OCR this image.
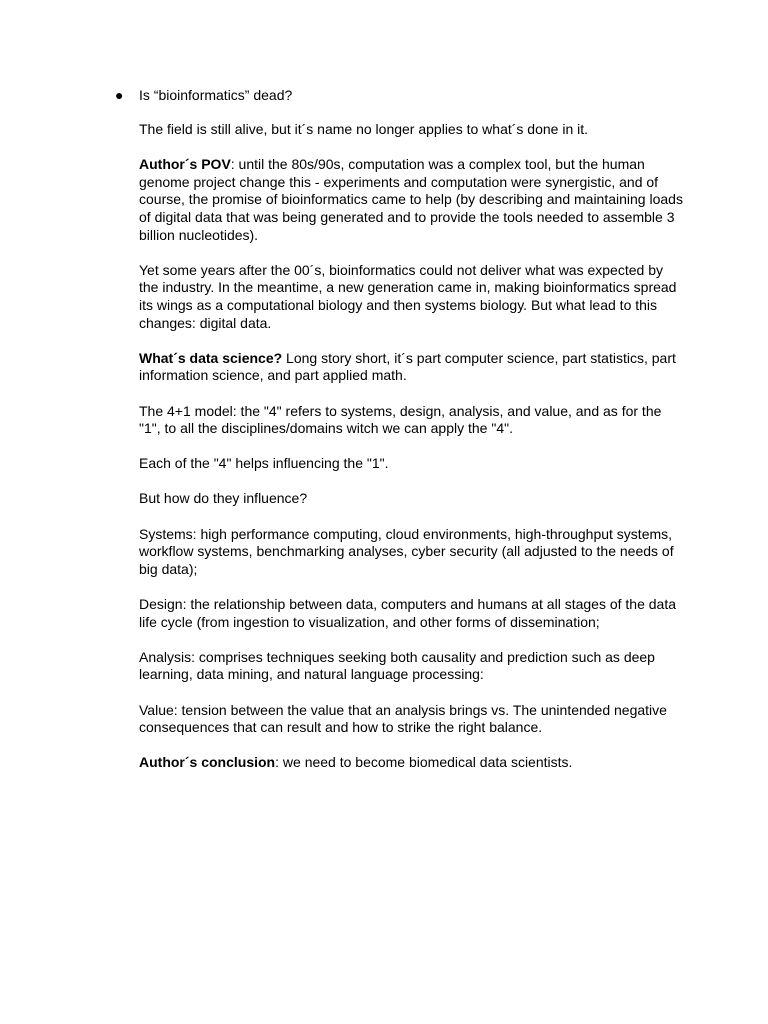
● Is “bioinformatics” dead?

The field is still alive, but it´s name no longer applies to what´s done in it.

Author´s POV: until the 80s/90s, computation was a complex tool, but the human genome project change this - experiments and computation were synergistic, and of course, the promise of bioinformatics came to help (by describing and maintaining loads of digital data that was being generated and to provide the tools needed to assemble 3 billion nucleotides).

Yet some years after the 00´s, bioinformatics could not deliver what was expected by the industry. In the meantime, a new generation came in, making bioinformatics spread its wings as a computational biology and then systems biology. But what lead to this changes: digital data.

What´s data science? Long story short, it´s part computer science, part statistics, part information science, and part applied math.

The 4+1 model: the "4" refers to systems, design, analysis, and value, and as for the "1", to all the disciplines/domains witch we can apply the "4".

Each of the "4" helps influencing the "1".

But how do they influence?

Systems: high performance computing, cloud environments, high-throughput systems, workflow systems, benchmarking analyses, cyber security (all adjusted to the needs of big data);

Design: the relationship between data, computers and humans at all stages of the data life cycle (from ingestion to visualization, and other forms of dissemination;

Analysis: comprises techniques seeking both causality and prediction such as deep learning, data mining, and natural language processing:

Value: tension between the value that an analysis brings vs. The unintended negative consequences that can result and how to strike the right balance.

Author´s conclusion: we need to become biomedical data scientists.
